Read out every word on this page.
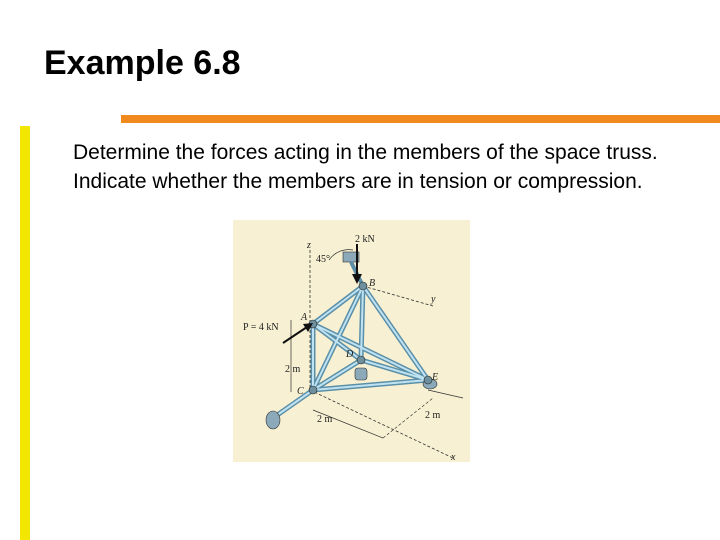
Example 6.8
Determine the forces acting in the members of the space truss. Indicate whether the members are in tension or compression.
z
y
x
2 kN
45°
A
B
C
D
E
P = 4 kN
2 m
2 m	2 m
